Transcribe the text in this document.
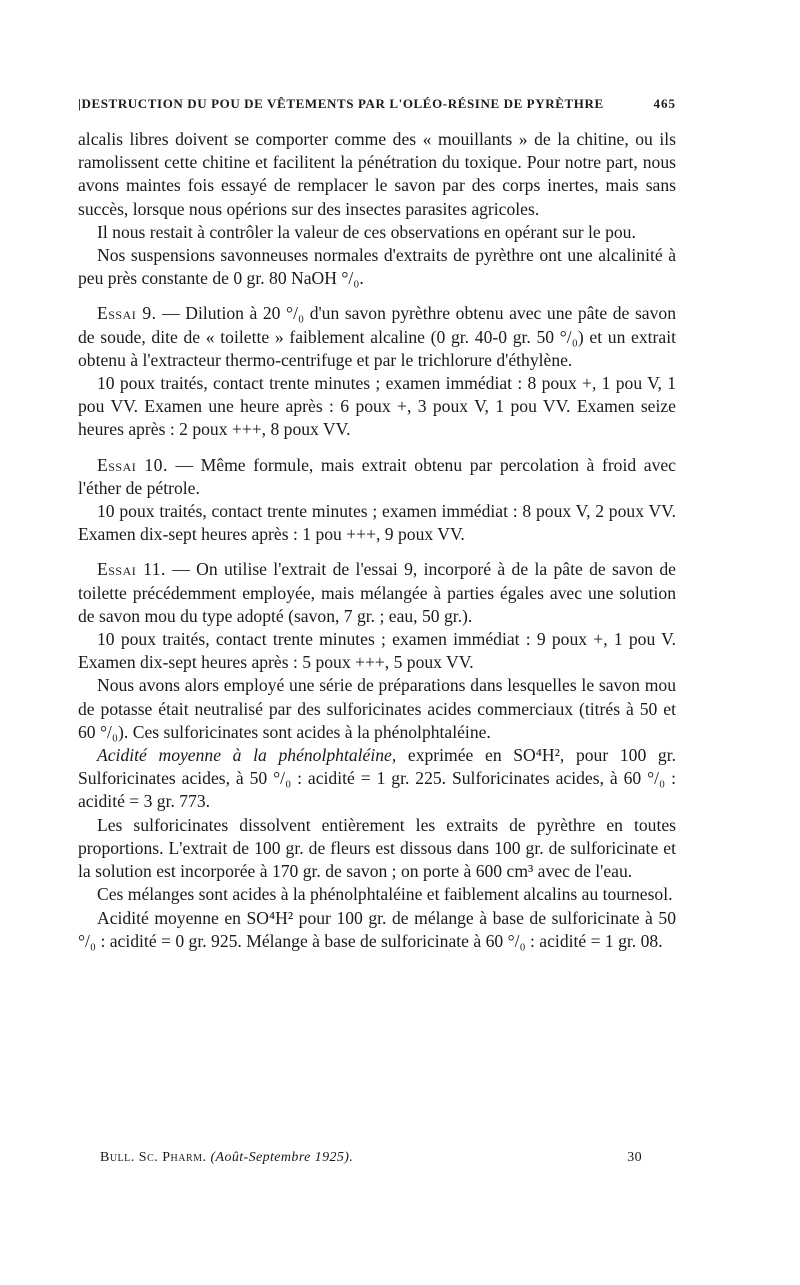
|DESTRUCTION DU POU DE VÊTEMENTS PAR L'OLÉO-RÉSINE DE PYRÈTHRE	465

alcalis libres doivent se comporter comme des « mouillants » de la chitine, ou ils ramolissent cette chitine et facilitent la pénétration du toxique. Pour notre part, nous avons maintes fois essayé de remplacer le savon par des corps inertes, mais sans succès, lorsque nous opérions sur des insectes parasites agricoles.

Il nous restait à contrôler la valeur de ces observations en opérant sur le pou.

Nos suspensions savonneuses normales d'extraits de pyrèthre ont une alcalinité à peu près constante de 0 gr. 80 NaOH °/₀.

Essai 9. — Dilution à 20 °/₀ d'un savon pyrèthre obtenu avec une pâte de savon de soude, dite de « toilette » faiblement alcaline (0 gr. 40-0 gr. 50 °/₀) et un extrait obtenu à l'extracteur thermo-centrifuge et par le trichlorure d'éthylène.

10 poux traités, contact trente minutes ; examen immédiat : 8 poux +, 1 pou V, 1 pou VV. Examen une heure après : 6 poux +, 3 poux V, 1 pou VV. Examen seize heures après : 2 poux +++, 8 poux VV.

Essai 10. — Même formule, mais extrait obtenu par percolation à froid avec l'éther de pétrole.

10 poux traités, contact trente minutes ; examen immédiat : 8 poux V, 2 poux VV. Examen dix-sept heures après : 1 pou +++, 9 poux VV.

Essai 11. — On utilise l'extrait de l'essai 9, incorporé à de la pâte de savon de toilette précédemment employée, mais mélangée à parties égales avec une solution de savon mou du type adopté (savon, 7 gr. ; eau, 50 gr.).

10 poux traités, contact trente minutes ; examen immédiat : 9 poux +, 1 pou V. Examen dix-sept heures après : 5 poux +++, 5 poux VV.

Nous avons alors employé une série de préparations dans lesquelles le savon mou de potasse était neutralisé par des sulforicinates acides commerciaux (titrés à 50 et 60 °/₀). Ces sulforicinates sont acides à la phénolphtaléine.

Acidité moyenne à la phénolphtaléine, exprimée en SO⁴H², pour 100 gr. Sulforicinates acides, à 50 °/₀ : acidité = 1 gr. 225. Sulforicinates acides, à 60 °/₀ : acidité = 3 gr. 773.

Les sulforicinates dissolvent entièrement les extraits de pyrèthre en toutes proportions. L'extrait de 100 gr. de fleurs est dissous dans 100 gr. de sulforicinate et la solution est incorporée à 170 gr. de savon ; on porte à 600 cm³ avec de l'eau.

Ces mélanges sont acides à la phénolphtaléine et faiblement alcalins au tournesol.

Acidité moyenne en SO⁴H² pour 100 gr. de mélange à base de sulforicinate à 50 °/₀ : acidité = 0 gr. 925. Mélange à base de sulforicinate à 60 °/₀ : acidité = 1 gr. 08.

Bull. Sc. Pharm. (Août-Septembre 1925).	30
